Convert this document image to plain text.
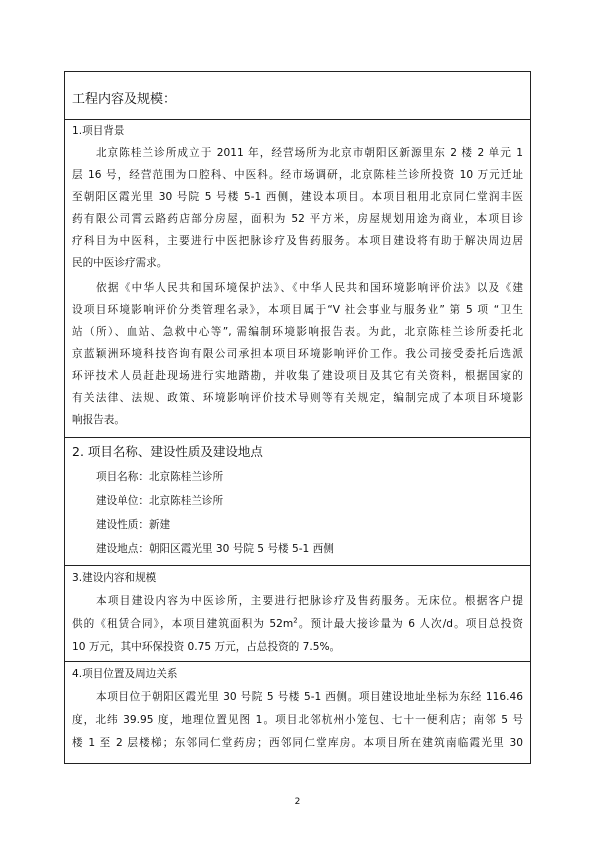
工程内容及规模：
1.项目背景
北京陈桂兰诊所成立于 2011 年，经营场所为北京市朝阳区新源里东 2 楼 2 单元 1
层 16 号，经营范围为口腔科、中医科。经市场调研，北京陈桂兰诊所投资 10 万元迁址
至朝阳区霞光里 30 号院 5 号楼 5-1 西侧，建设本项目。本项目租用北京同仁堂润丰医
药有限公司霄云路药店部分房屋，面积为 52 平方米，房屋规划用途为商业，本项目诊
疗科目为中医科，主要进行中医把脉诊疗及售药服务。本项目建设将有助于解决周边居
民的中医诊疗需求。
依据《中华人民共和国环境保护法》、《中华人民共和国环境影响评价法》以及《建
设项目环境影响评价分类管理名录》，本项目属于“V 社会事业与服务业” 第 5 项 “卫生
站（所）、血站、急救中心等”, 需编制环境影响报告表。为此，北京陈桂兰诊所委托北
京蓝颖洲环境科技咨询有限公司承担本项目环境影响评价工作。我公司接受委托后选派
环评技术人员赶赴现场进行实地踏勘，并收集了建设项目及其它有关资料，根据国家的
有关法律、法规、政策、环境影响评价技术导则等有关规定，编制完成了本项目环境影
响报告表。
2. 项目名称、建设性质及建设地点
项目名称：北京陈桂兰诊所
建设单位：北京陈桂兰诊所
建设性质：新建
建设地点：朝阳区霞光里 30 号院 5 号楼 5-1 西侧
3.建设内容和规模
本项目建设内容为中医诊所，主要进行把脉诊疗及售药服务。无床位。根据客户提
供的《租赁合同》，本项目建筑面积为 $52m^2$。预计最大接诊量为 6 人次/d。项目总投资
10 万元，其中环保投资 0.75 万元，占总投资的 7.5%。
4.项目位置及周边关系
本项目位于朝阳区霞光里 30 号院 5 号楼 5-1 西侧。项目建设地址坐标为东经 116.46
度，北纬 39.95 度，地理位置见图 1。项目北邻杭州小笼包、七十一便利店；南邻 5 号
楼 1 至 2 层楼梯；东邻同仁堂药房；西邻同仁堂库房。本项目所在建筑南临霞光里 30
2
